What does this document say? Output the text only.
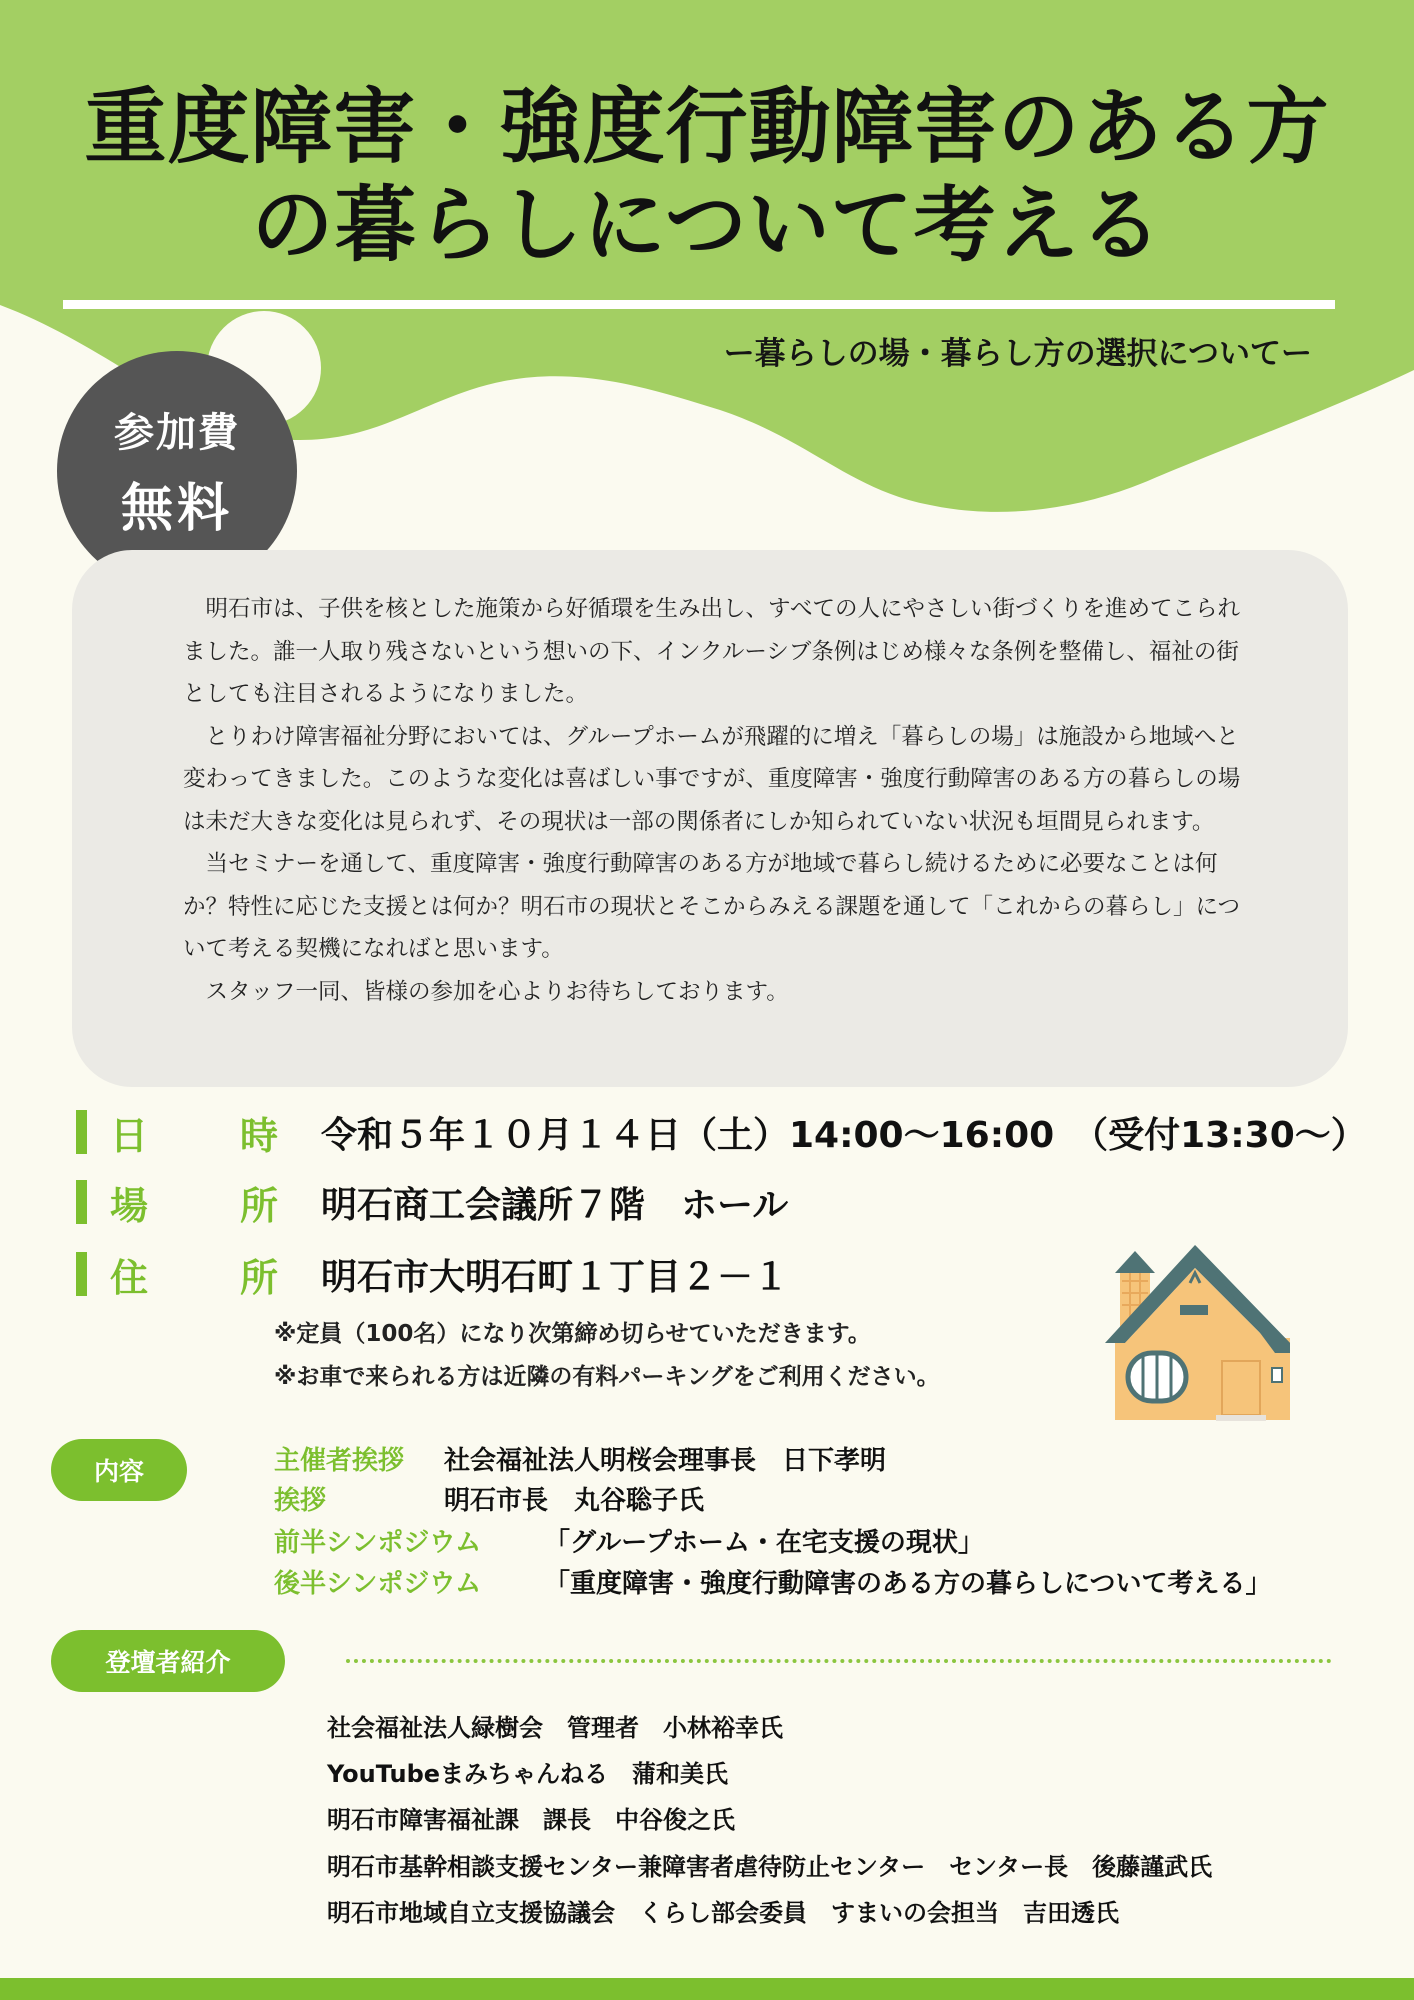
重度障害・強度行動障害のある方
の暮らしについて考える
ー暮らしの場・暮らし方の選択についてー
参加費
無料

明石市は、子供を核とした施策から好循環を生み出し、すべての人にやさしい街づくりを進めてこられました。誰一人取り残さないという想いの下、インクルーシブ条例はじめ様々な条例を整備し、福祉の街としても注目されるようになりました。

とりわけ障害福祉分野においては、グループホームが飛躍的に増え「暮らしの場」は施設から地域へと変わってきました。このような変化は喜ばしい事ですが、重度障害・強度行動障害のある方の暮らしの場は未だ大きな変化は見られず、その現状は一部の関係者にしか知られていない状況も垣間見られます。

当セミナーを通して、重度障害・強度行動障害のある方が地域で暮らし続けるために必要なことは何か？特性に応じた支援とは何か？明石市の現状とそこからみえる課題を通して「これからの暮らし」について考える契機になればと思います。

スタッフ一同、皆様の参加を心よりお待ちしております。

日 時 令和５年１０月１４日（土）14:00〜16:00　（受付13:30〜）
場 所 明石商工会議所７階　ホール
住 所 明石市大明石町１丁目２－１
※定員（100名）になり次第締め切らせていただきます。
※お車で来られる方は近隣の有料パーキングをご利用ください。
内容	主催者挨拶 社会福祉法人明桜会理事長　日下孝明
挨拶	明石市長　丸谷聡子氏
前半シンポジウム 「グループホーム・在宅支援の現状」
後半シンポジウム 「重度障害・強度行動障害のある方の暮らしについて考える」
登壇者紹介
社会福祉法人緑樹会　管理者　小林裕幸氏
YouTubeまみちゃんねる　蒲和美氏
明石市障害福祉課　課長　中谷俊之氏
明石市基幹相談支援センター兼障害者虐待防止センター　センター長　後藤謹武氏
明石市地域自立支援協議会　くらし部会委員　すまいの会担当　吉田透氏
